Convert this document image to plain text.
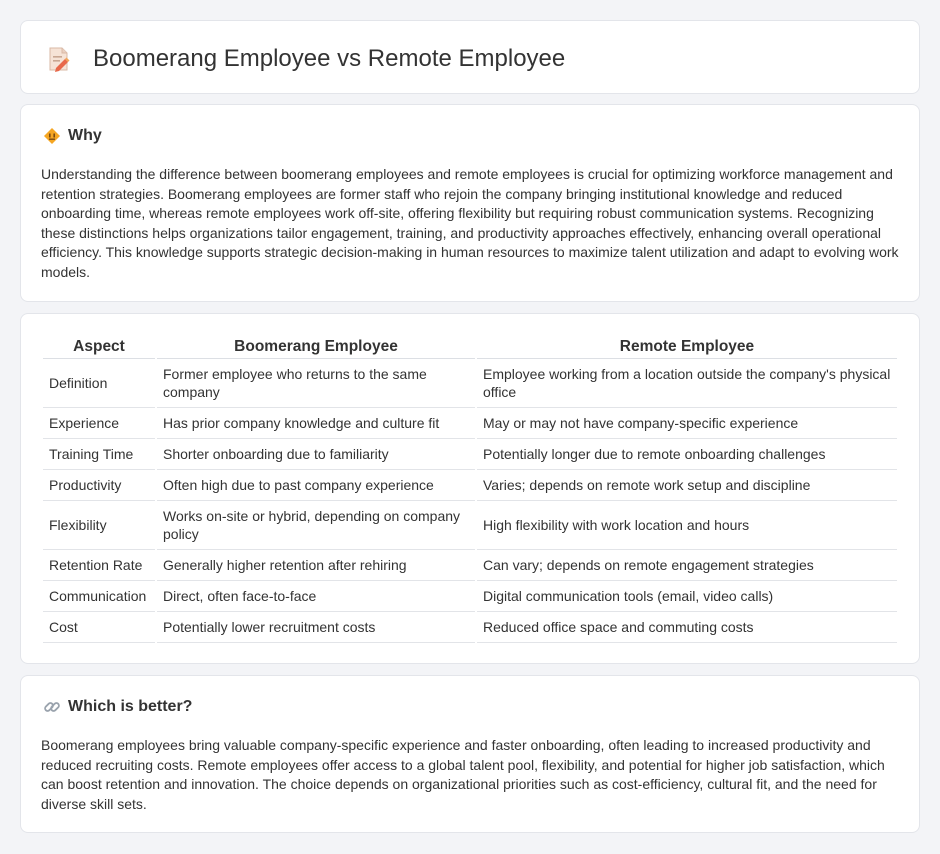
Boomerang Employee vs Remote Employee
Why

Understanding the difference between boomerang employees and remote employees is crucial for optimizing workforce management and retention strategies. Boomerang employees are former staff who rejoin the company bringing institutional knowledge and reduced onboarding time, whereas remote employees work off-site, offering flexibility but requiring robust communication systems. Recognizing these distinctions helps organizations tailor engagement, training, and productivity approaches effectively, enhancing overall operational efficiency. This knowledge supports strategic decision-making in human resources to maximize talent utilization and adapt to evolving work models.

Aspect	Boomerang Employee	Remote Employee
Definition	Former employee who returns to the same company	Employee working from a location outside the company's physical office
Experience	Has prior company knowledge and culture fit	May or may not have company-specific experience
Training Time	Shorter onboarding due to familiarity	Potentially longer due to remote onboarding challenges
Productivity	Often high due to past company experience	Varies; depends on remote work setup and discipline
Flexibility	Works on-site or hybrid, depending on company policy	High flexibility with work location and hours
Retention Rate	Generally higher retention after rehiring	Can vary; depends on remote engagement strategies
Communication	Direct, often face-to-face	Digital communication tools (email, video calls)
Cost	Potentially lower recruitment costs	Reduced office space and commuting costs
Which is better?

Boomerang employees bring valuable company-specific experience and faster onboarding, often leading to increased productivity and reduced recruiting costs. Remote employees offer access to a global talent pool, flexibility, and potential for higher job satisfaction, which can boost retention and innovation. The choice depends on organizational priorities such as cost-efficiency, cultural fit, and the need for diverse skill sets.
